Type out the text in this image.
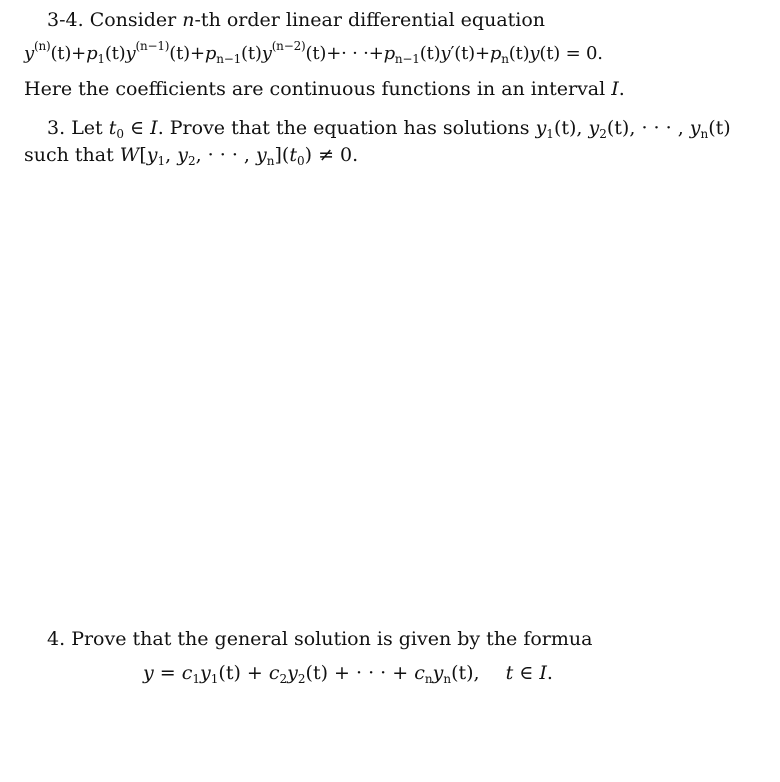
3-4. Consider n-th order linear differential equation
$y^{(n)}(t)+p_1(t)y^{(n-1)}(t)+p_{n-1}(t)y^{(n-2)}(t)+\cdot \cdot \cdot+p_{n-1}(t)y'(t)+p_n(t)y(t) = 0$.
Here the coefficients are continuous functions in an interval I.
3. Let $t_0$ ∈ I. Prove that the equation has solutions $y_1(t)$, $y_2(t)$, · · · , $y_n(t)$
such that $W[y_1$, $y_2$, · · · , $y_n](t_0) \ne 0$.
4. Prove that the general solution is given by the formua
$y = c_1y_1(t) + c_2y_2(t)$ + · · · + $c_ny_n(t)$, t ∈ I.
